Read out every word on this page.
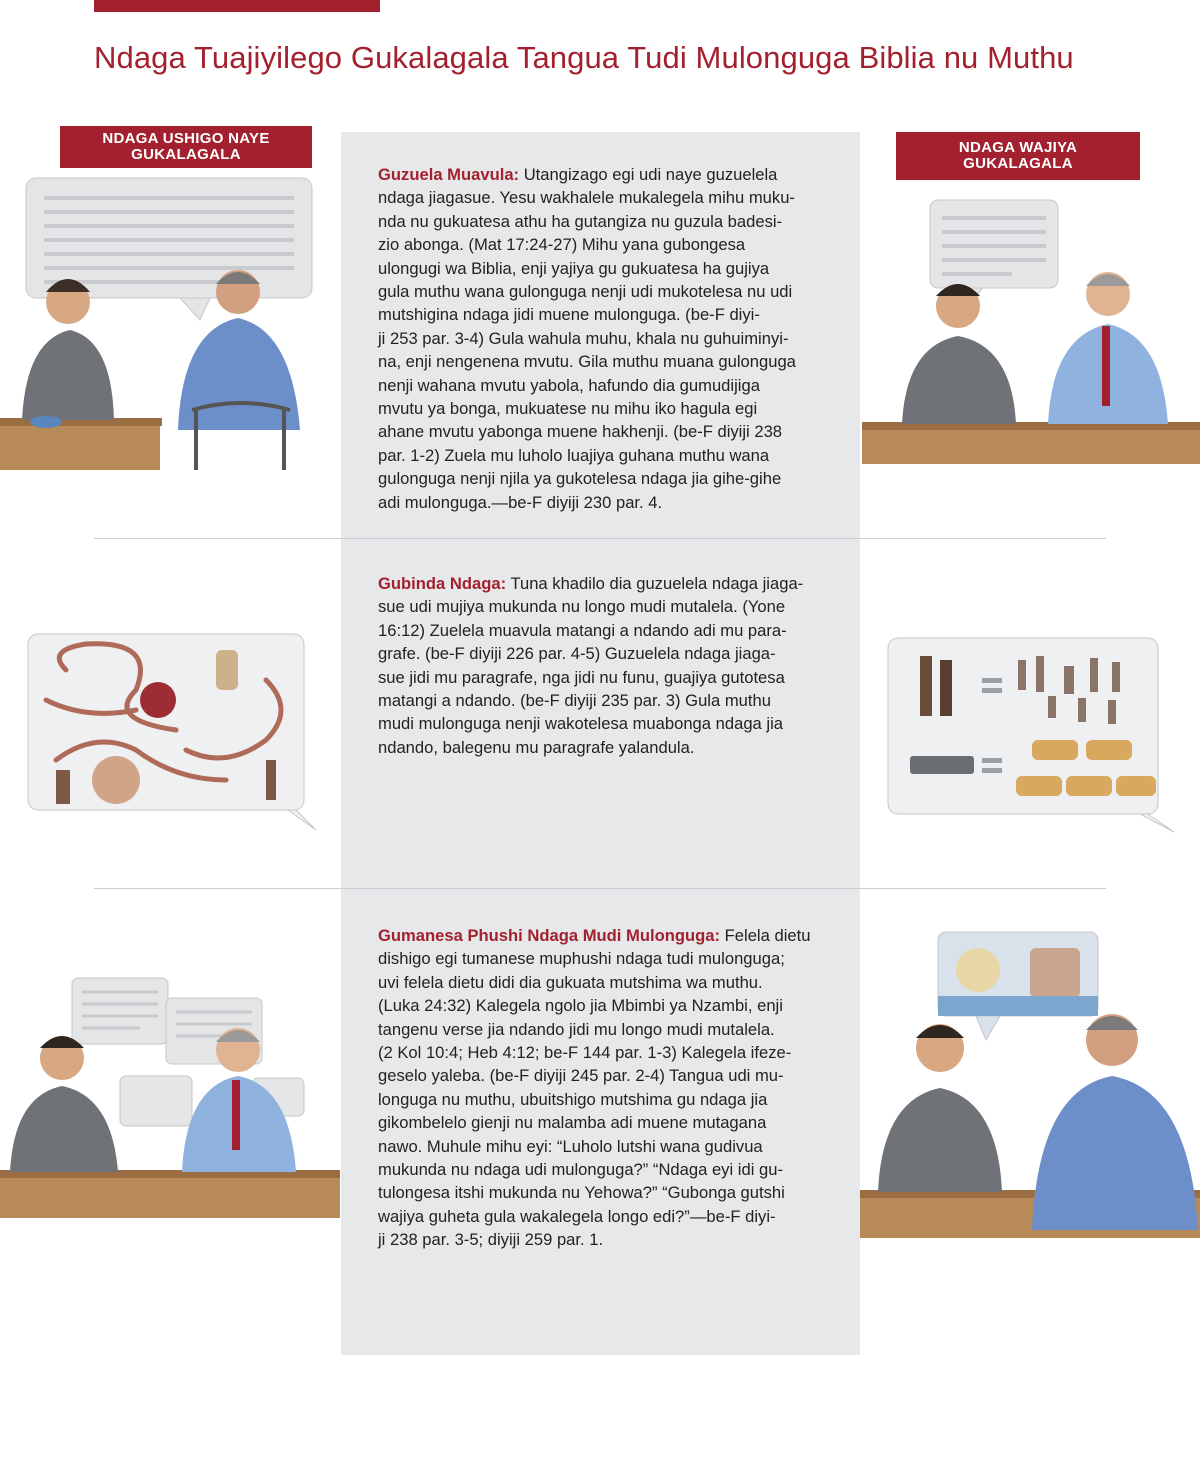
Ndaga Tuajiyilego Gukalagala Tangua Tudi Mulonguga Biblia nu Muthu
NDAGA USHIGO NAYE GUKALAGALA	NDAGA WAJIYA GUKALAGALA
Guzuela Muavula: Utangizago egi udi naye guzuelela
ndaga jiagasue. Yesu wakhalele mukalegela mihu muku-
nda nu gukuatesa athu ha gutangiza nu guzula badesi-
zio abonga. (Mat 17:24-27) Mihu yana gubongesa
ulongugi wa Biblia, enji yajiya gu gukuatesa ha gujiya
gula muthu wana gulonguga nenji udi mukotelesa nu udi
mutshigina ndaga jidi muene mulonguga. (be-F diyi-
ji 253 par. 3-4) Gula wahula muhu, khala nu guhuiminyi-
na, enji nengenena mvutu. Gila muthu muana gulonguga
nenji wahana mvutu yabola, hafundo dia gumudijiga
mvutu ya bonga, mukuatese nu mihu iko hagula egi
ahane mvutu yabonga muene hakhenji. (be-F diyiji 238
par. 1-2) Zuela mu luholo luajiya guhana muthu wana
gulonguga nenji njila ya gukotelesa ndaga jia gihe-gihe
adi mulonguga.—be-F diyiji 230 par. 4.
Gubinda Ndaga: Tuna khadilo dia guzuelela ndaga jiaga-
sue udi mujiya mukunda nu longo mudi mutalela. (Yone
16:12) Zuelela muavula matangi a ndando adi mu para-
grafe. (be-F diyiji 226 par. 4-5) Guzuelela ndaga jiaga-
sue jidi mu paragrafe, nga jidi nu funu, guajiya gutotesa
matangi a ndando. (be-F diyiji 235 par. 3) Gula muthu
mudi mulonguga nenji wakotelesa muabonga ndaga jia
ndando, balegenu mu paragrafe yalandula.
Gumanesa Phushi Ndaga Mudi Mulonguga: Felela dietu
dishigo egi tumanese muphushi ndaga tudi mulonguga;
uvi felela dietu didi dia gukuata mutshima wa muthu.
(Luka 24:32) Kalegela ngolo jia Mbimbi ya Nzambi, enji
tangenu verse jia ndando jidi mu longo mudi mutalela.
(2 Kol 10:4; Heb 4:12; be-F 144 par. 1-3) Kalegela ifeze-
geselo yaleba. (be-F diyiji 245 par. 2-4) Tangua udi mu-
longuga nu muthu, ubuitshigo mutshima gu ndaga jia
gikombelelo gienji nu malamba adi muene mutagana
nawo. Muhule mihu eyi: “Luholo lutshi wana gudivua
mukunda nu ndaga udi mulonguga?” “Ndaga eyi idi gu-
tulongesa itshi mukunda nu Yehowa?” “Gubonga gutshi
wajiya guheta gula wakalegela longo edi?”—be-F diyi-
ji 238 par. 3-5; diyiji 259 par. 1.
